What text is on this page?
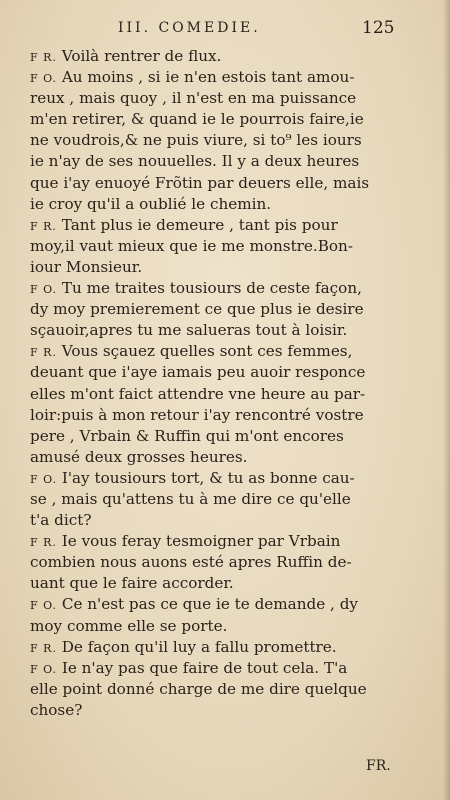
III. COMEDIE.	125
F R. Voilà rentrer de flux.
F O. Au moins , si ie n'en estois tant amou-
reux , mais quoy , il n'est en ma puissance
m'en retirer, & quand ie le pourrois faire,ie
ne voudrois,& ne puis viure, si to⁹ les iours
ie n'ay de ses nouuelles. Il y a deux heures
que i'ay enuoyé Frõtin par deuers elle, mais
ie croy qu'il a oublié le chemin.
F R. Tant plus ie demeure , tant pis pour
moy,il vaut mieux que ie me monstre.Bon-
iour Monsieur.
F O. Tu me traites tousiours de ceste façon,
dy moy premierement ce que plus ie desire
sçauoir,apres tu me salueras tout à loisir.
F R. Vous sçauez quelles sont ces femmes,
deuant que i'aye iamais peu auoir responce
elles m'ont faict attendre vne heure au par-
loir:puis à mon retour i'ay rencontré vostre
pere , Vrbain & Ruffin qui m'ont encores
amusé deux grosses heures.
F O. I'ay tousiours tort, & tu as bonne cau-
se , mais qu'attens tu à me dire ce qu'elle
t'a dict?
F R. Ie vous feray tesmoigner par Vrbain
combien nous auons esté apres Ruffin de-
uant que le faire accorder.
F O. Ce n'est pas ce que ie te demande , dy
moy comme elle se porte.
F R. De façon qu'il luy a fallu promettre.
F O. Ie n'ay pas que faire de tout cela. T'a
elle point donné charge de me dire quelque
chose?
FR.
